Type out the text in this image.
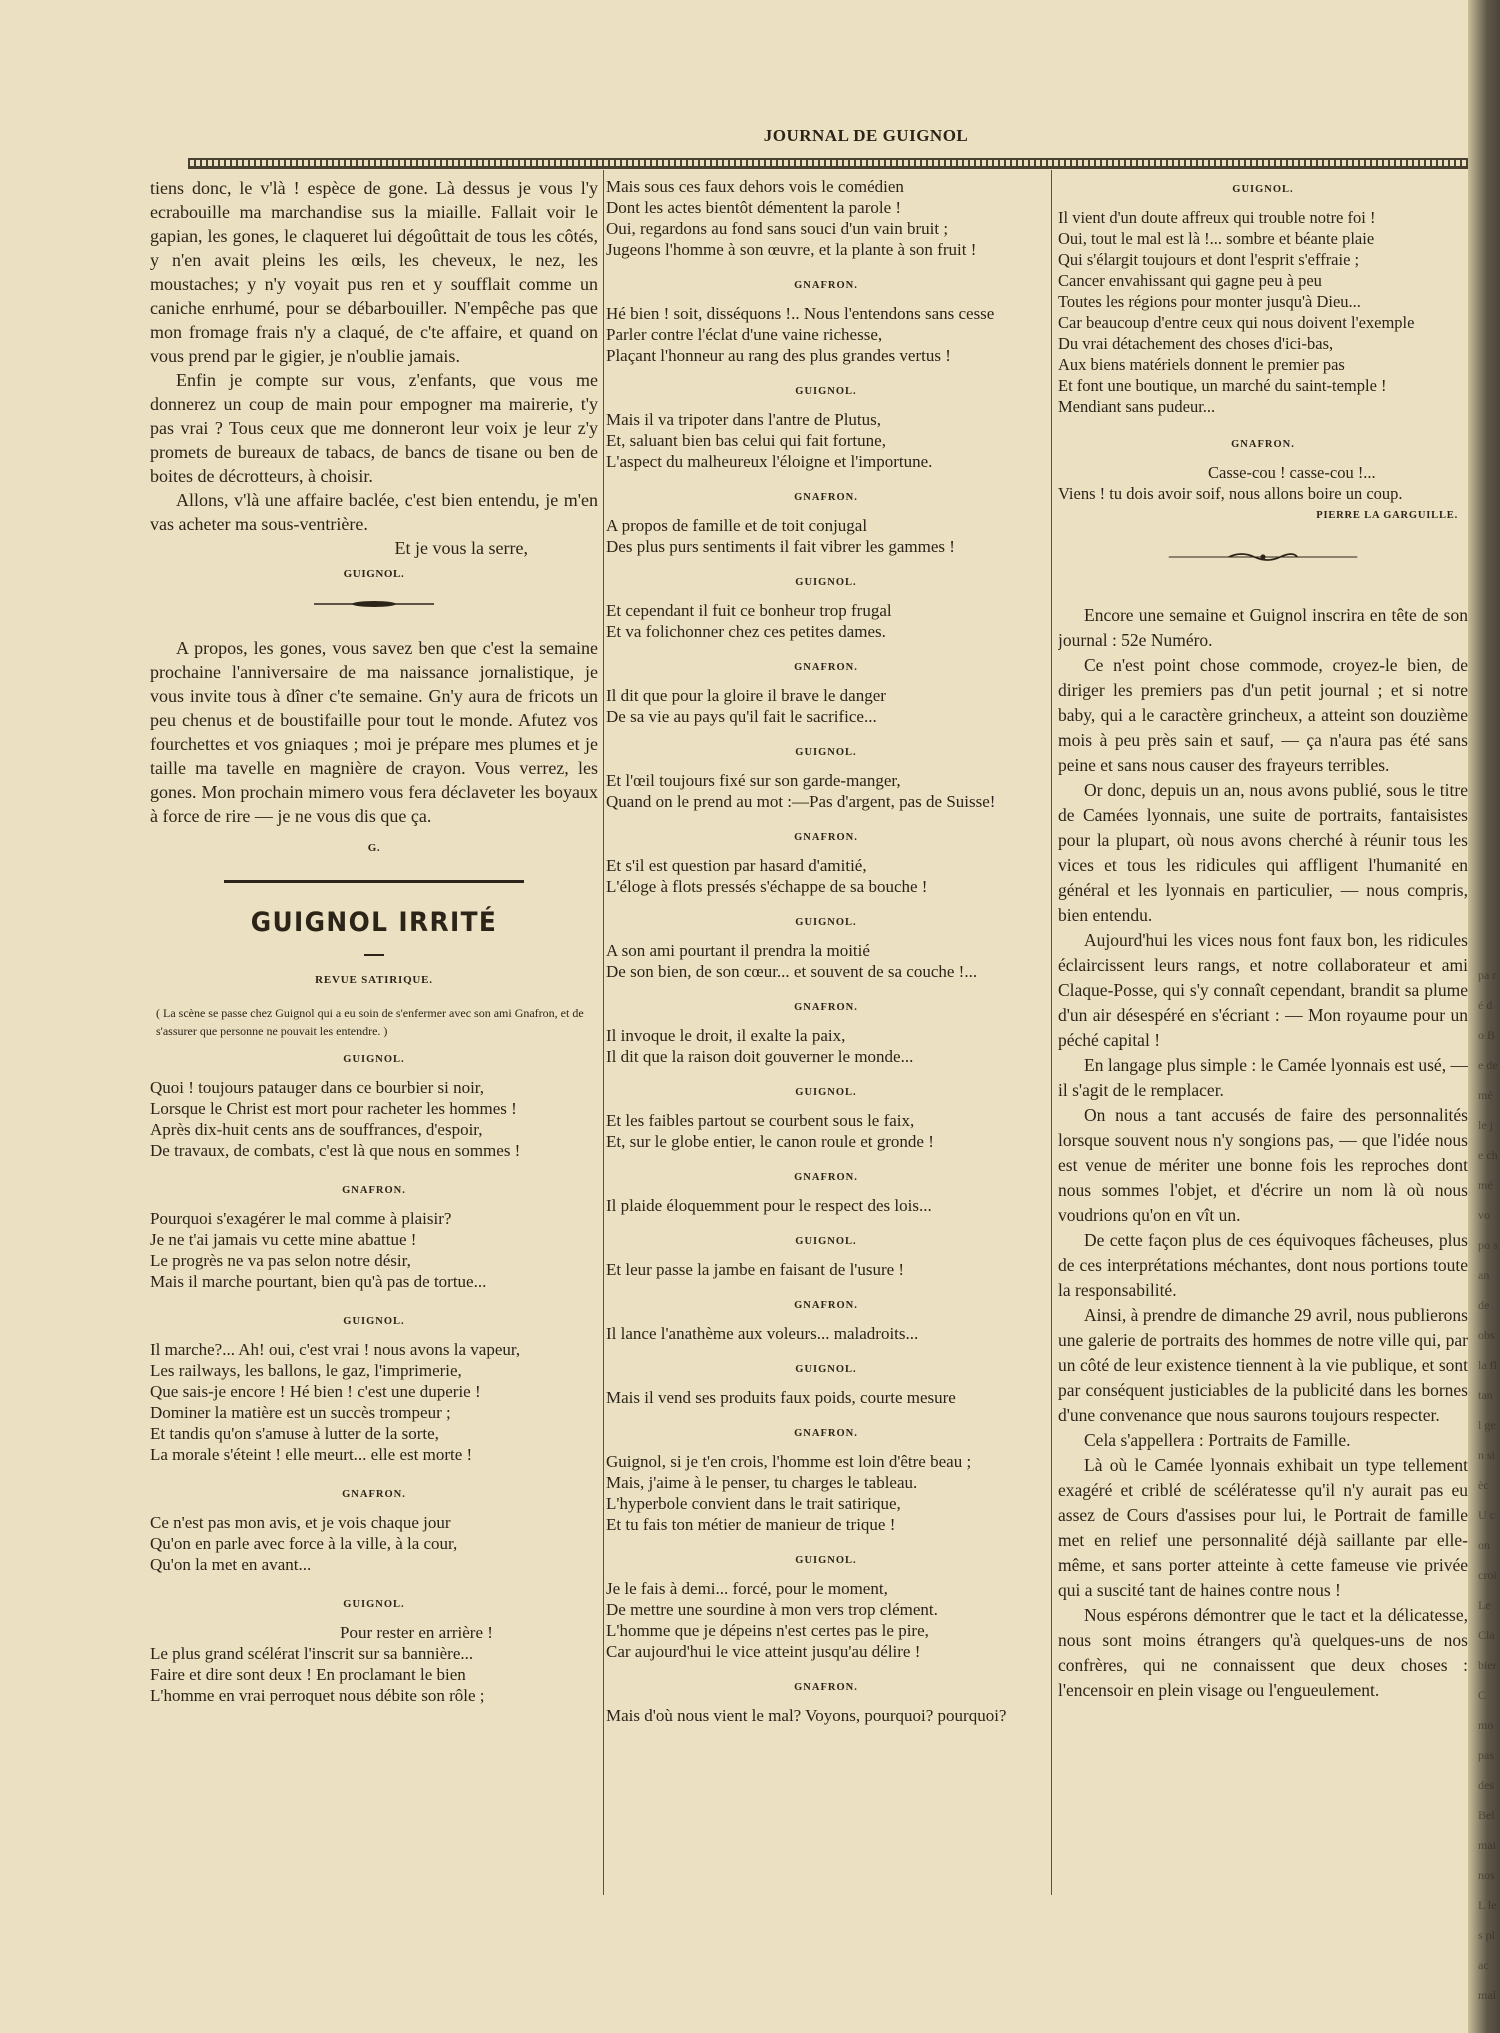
JOURNAL DE GUIGNOL

tiens donc, le v'là ! espèce de gone. Là dessus je vous l'y ecrabouille ma marchandise sus la miaille. Fallait voir le gapian, les gones, le claqueret lui dégoûttait de tous les côtés, y n'en avait pleins les œils, les cheveux, le nez, les moustaches; y n'y voyait pus ren et y soufflait comme un caniche enrhumé, pour se débarbouiller. N'empêche pas que mon fromage frais n'y a claqué, de c'te affaire, et quand on vous prend par le gigier, je n'oublie jamais.

Enfin je compte sur vous, z'enfants, que vous me donnerez un coup de main pour empogner ma mairerie, t'y pas vrai ? Tous ceux que me donneront leur voix je leur z'y promets de bureaux de tabacs, de bancs de tisane ou ben de boites de décrotteurs, à choisir.

Allons, v'là une affaire baclée, c'est bien entendu, je m'en vas acheter ma sous-ventrière.

Et je vous la serre,
GUIGNOL.

A propos, les gones, vous savez ben que c'est la semaine prochaine l'anniversaire de ma naissance jornalistique, je vous invite tous à dîner c'te semaine. Gn'y aura de fricots un peu chenus et de boustifaille pour tout le monde. Afutez vos fourchettes et vos gniaques ; moi je prépare mes plumes et je taille ma tavelle en magnière de crayon. Vous verrez, les gones. Mon prochain mimero vous fera déclaveter les boyaux à force de rire — je ne vous dis que ça.

G.
GUIGNOL IRRITÉ
REVUE SATIRIQUE.
( La scène se passe chez Guignol qui a eu soin de s'enfermer avec son ami Gnafron, et de s'assurer que personne ne pouvait les entendre. )
GUIGNOL.
Quoi ! toujours patauger dans ce bourbier si noir,
Lorsque le Christ est mort pour racheter les hommes !
Après dix-huit cents ans de souffrances, d'espoir,
De travaux, de combats, c'est là que nous en sommes !
GNAFRON.
Pourquoi s'exagérer le mal comme à plaisir?
Je ne t'ai jamais vu cette mine abattue !
Le progrès ne va pas selon notre désir,
Mais il marche pourtant, bien qu'à pas de tortue...
GUIGNOL.
Il marche?... Ah! oui, c'est vrai ! nous avons la vapeur,
Les railways, les ballons, le gaz, l'imprimerie,
Que sais-je encore ! Hé bien ! c'est une duperie !
Dominer la matière est un succès trompeur ;
Et tandis qu'on s'amuse à lutter de la sorte,
La morale s'éteint ! elle meurt... elle est morte !
GNAFRON.
Ce n'est pas mon avis, et je vois chaque jour
Qu'on en parle avec force à la ville, à la cour,
Qu'on la met en avant...
GUIGNOL.
Pour rester en arrière !
Le plus grand scélérat l'inscrit sur sa bannière...
Faire et dire sont deux ! En proclamant le bien
L'homme en vrai perroquet nous débite son rôle ;
Mais sous ces faux dehors vois le comédien
Dont les actes bientôt démentent la parole !
Oui, regardons au fond sans souci d'un vain bruit ;
Jugeons l'homme à son œuvre, et la plante à son fruit !
GNAFRON.
Hé bien ! soit, disséquons !.. Nous l'entendons sans cesse
Parler contre l'éclat d'une vaine richesse,
Plaçant l'honneur au rang des plus grandes vertus !
GUIGNOL.
Mais il va tripoter dans l'antre de Plutus,
Et, saluant bien bas celui qui fait fortune,
L'aspect du malheureux l'éloigne et l'importune.
GNAFRON.
A propos de famille et de toit conjugal
Des plus purs sentiments il fait vibrer les gammes !
GUIGNOL.
Et cependant il fuit ce bonheur trop frugal
Et va folichonner chez ces petites dames.
GNAFRON.
Il dit que pour la gloire il brave le danger
De sa vie au pays qu'il fait le sacrifice...
GUIGNOL.
Et l'œil toujours fixé sur son garde-manger,
Quand on le prend au mot :—Pas d'argent, pas de Suisse!
GNAFRON.
Et s'il est question par hasard d'amitié,
L'éloge à flots pressés s'échappe de sa bouche !
GUIGNOL.
A son ami pourtant il prendra la moitié
De son bien, de son cœur... et souvent de sa couche !...
GNAFRON.
Il invoque le droit, il exalte la paix,
Il dit que la raison doit gouverner le monde...
GUIGNOL.
Et les faibles partout se courbent sous le faix,
Et, sur le globe entier, le canon roule et gronde !
GNAFRON.
Il plaide éloquemment pour le respect des lois...
GUIGNOL.
Et leur passe la jambe en faisant de l'usure !
GNAFRON.
Il lance l'anathème aux voleurs... maladroits...
GUIGNOL.
Mais il vend ses produits faux poids, courte mesure
GNAFRON.
Guignol, si je t'en crois, l'homme est loin d'être beau ;
Mais, j'aime à le penser, tu charges le tableau.
L'hyperbole convient dans le trait satirique,
Et tu fais ton métier de manieur de trique !
GUIGNOL.
Je le fais à demi... forcé, pour le moment,
De mettre une sourdine à mon vers trop clément.
L'homme que je dépeins n'est certes pas le pire,
Car aujourd'hui le vice atteint jusqu'au délire !
GNAFRON.
Mais d'où nous vient le mal? Voyons, pourquoi? pourquoi?
GUIGNOL.
Il vient d'un doute affreux qui trouble notre foi !
Oui, tout le mal est là !... sombre et béante plaie
Qui s'élargit toujours et dont l'esprit s'effraie ;
Cancer envahissant qui gagne peu à peu
Toutes les régions pour monter jusqu'à Dieu...
Car beaucoup d'entre ceux qui nous doivent l'exemple
Du vrai détachement des choses d'ici-bas,
Aux biens matériels donnent le premier pas
Et font une boutique, un marché du saint-temple !
Mendiant sans pudeur...
GNAFRON.
Casse-cou ! casse-cou !...
Viens ! tu dois avoir soif, nous allons boire un coup.
PIERRE LA GARGUILLE.

Encore une semaine et Guignol inscrira en tête de son journal : 52e Numéro.

Ce n'est point chose commode, croyez-le bien, de diriger les premiers pas d'un petit journal ; et si notre baby, qui a le caractère grincheux, a atteint son douzième mois à peu près sain et sauf, — ça n'aura pas été sans peine et sans nous causer des frayeurs terribles.

Or donc, depuis un an, nous avons publié, sous le titre de Camées lyonnais, une suite de portraits, fantaisistes pour la plupart, où nous avons cherché à réunir tous les vices et tous les ridicules qui affligent l'humanité en général et les lyonnais en particulier, — nous compris, bien entendu.

Aujourd'hui les vices nous font faux bon, les ridicules éclaircissent leurs rangs, et notre collaborateur et ami Claque-Posse, qui s'y connaît cependant, brandit sa plume d'un air désespéré en s'écriant : — Mon royaume pour un péché capital !

En langage plus simple : le Camée lyonnais est usé, — il s'agit de le remplacer.

On nous a tant accusés de faire des personnalités lorsque souvent nous n'y songions pas, — que l'idée nous est venue de mériter une bonne fois les reproches dont nous sommes l'objet, et d'écrire un nom là où nous voudrions qu'on en vît un.

De cette façon plus de ces équivoques fâcheuses, plus de ces interprétations méchantes, dont nous portions toute la responsabilité.

Ainsi, à prendre de dimanche 29 avril, nous publierons une galerie de portraits des hommes de notre ville qui, par un côté de leur existence tiennent à la vie publique, et sont par conséquent justiciables de la publicité dans les bornes d'une convenance que nous saurons toujours respecter.

Cela s'appellera : Portraits de Famille.

Là où le Camée lyonnais exhibait un type tellement exagéré et criblé de scélératesse qu'il n'y aurait pas eu assez de Cours d'assises pour lui, le Portrait de famille met en relief une personnalité déjà saillante par elle-même, et sans porter atteinte à cette fameuse vie privée qui a suscité tant de haines contre nous !

Nous espérons démontrer que le tact et la délicatesse, nous sont moins étrangers qu'à quelques-uns de nos confrères, qui ne connaissent que deux choses : l'encensoir en plein visage ou l'engueulement.

pa ré do Be de mé le je ch mé vo po san de obs la fl tan l gen sièc U con croi Le Cla bier C mo pas des Bel mai nos L les plac mal
